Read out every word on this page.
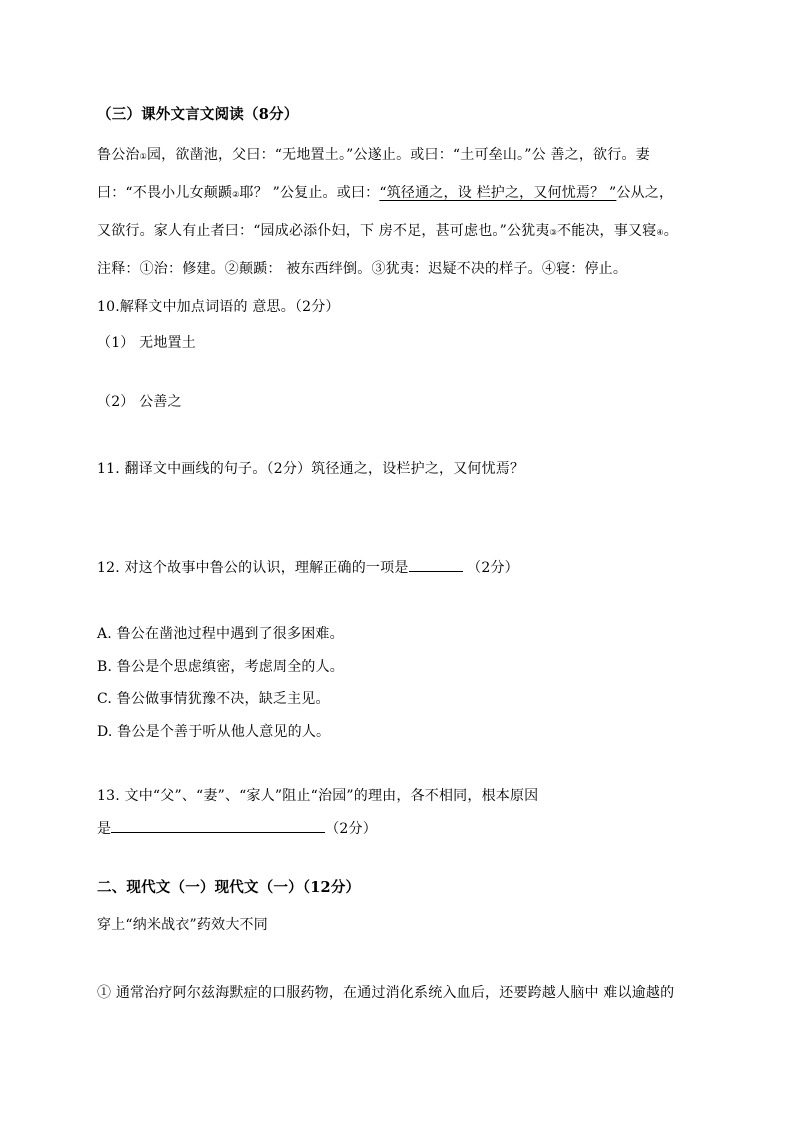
（三）课外文言文阅读（8分）
鲁公治①园，欲凿池，父曰：“无地置土。”公遂止。或曰：“土可垒山。”公 善之，欲行。妻
曰：“不畏小儿女颠踬②耶？ ”公复止。或曰：“筑径通之，设 栏护之，又何忧焉？ ”公从之，
又欲行。家人有止者曰：“园成必添仆妇，下 房不足，甚可虑也。”公犹夷③不能决，事又寝④。
注释：①治：修建。②颠踬： 被东西绊倒。③犹夷：迟疑不决的样子。④寝：停止。
10.解释文中加点词语的 意思。（2分）
（1） 无地置土
（2） 公善之
11. 翻译文中画线的句子。（2分）筑径通之，设栏护之，又何忧焉？
12. 对这个故事中鲁公的认识，理解正确的一项是	（2分）
A. 鲁公在凿池过程中遇到了很多困难。
B. 鲁公是个思虑缜密，考虑周全的人。
C. 鲁公做事情犹豫不决，缺乏主见。
D. 鲁公是个善于听从他人意见的人。
13. 文中“父”、“妻”、“家人”阻止“治园”的理由，各不相同，根本原因
是	（2分）
二、现代文（一）现代文（一）（12分）
穿上“纳米战衣”药效大不同
① 通常治疗阿尔兹海默症的口服药物，在通过消化系统入血后，还要跨越人脑中 难以逾越的
